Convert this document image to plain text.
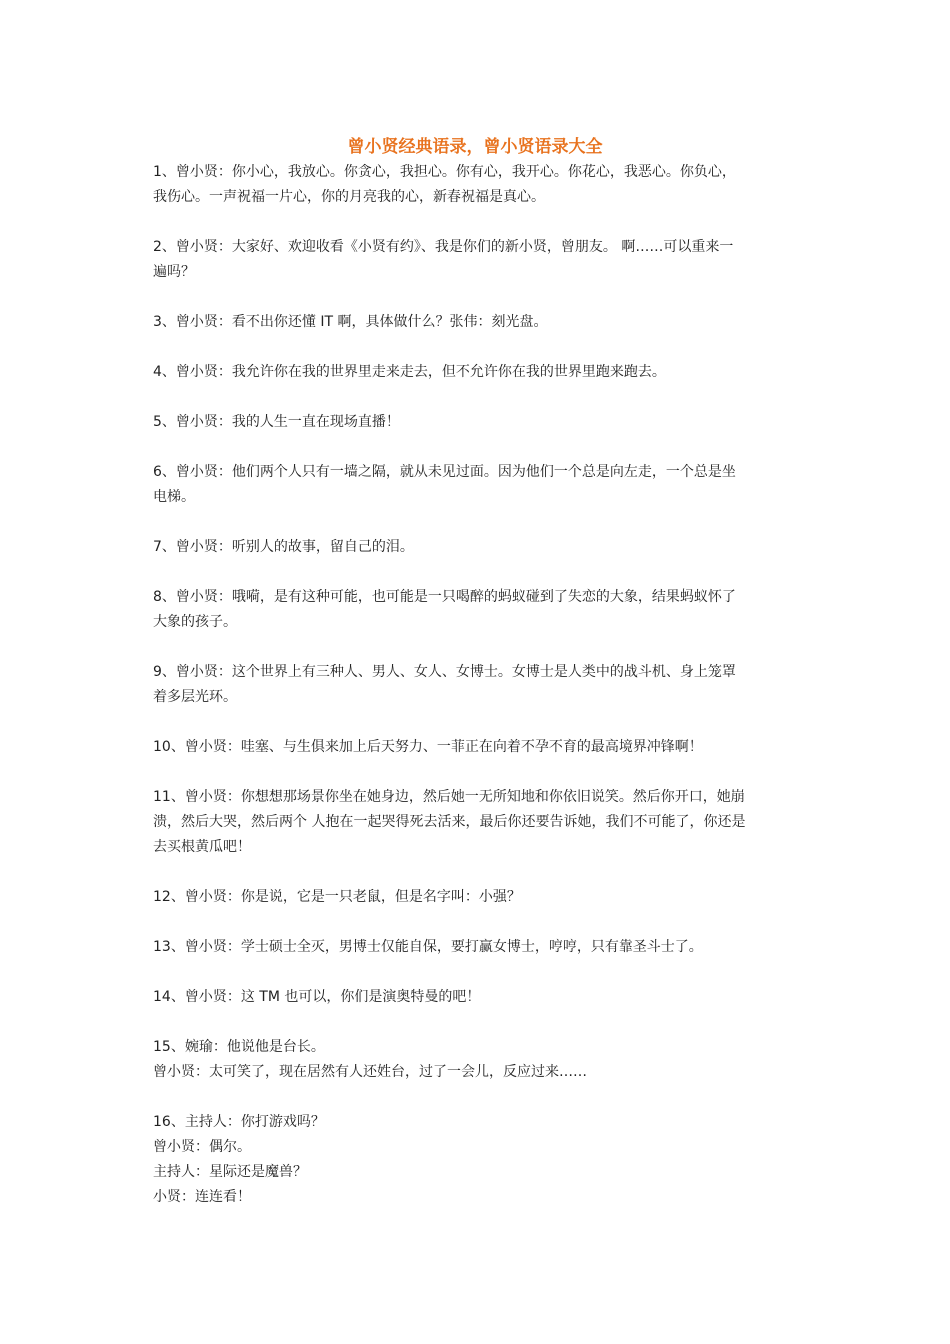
曾小贤经典语录，曾小贤语录大全

1、曾小贤：你小心，我放心。你贪心，我担心。你有心，我开心。你花心，我恶心。你负心，
我伤心。一声祝福一片心，你的月亮我的心，新春祝福是真心。

2、曾小贤：大家好、欢迎收看《小贤有约》、我是你们的新小贤，曾朋友。 啊……可以重来一
遍吗？

3、曾小贤：看不出你还懂 IT 啊，具体做什么？张伟：刻光盘。

4、曾小贤：我允许你在我的世界里走来走去，但不允许你在我的世界里跑来跑去。

5、曾小贤：我的人生一直在现场直播！

6、曾小贤：他们两个人只有一墙之隔，就从未见过面。因为他们一个总是向左走，一个总是坐
电梯。

7、曾小贤：听别人的故事，留自己的泪。

8、曾小贤：哦嗬，是有这种可能，也可能是一只喝醉的蚂蚁碰到了失恋的大象，结果蚂蚁怀了
大象的孩子。

9、曾小贤：这个世界上有三种人、男人、女人、女博士。女博士是人类中的战斗机、身上笼罩
着多层光环。

10、曾小贤：哇塞、与生俱来加上后天努力、一菲正在向着不孕不育的最高境界冲锋啊！

11、曾小贤：你想想那场景你坐在她身边，然后她一无所知地和你依旧说笑。然后你开口，她崩
溃，然后大哭，然后两个 人抱在一起哭得死去活来，最后你还要告诉她，我们不可能了，你还是
去买根黄瓜吧！

12、曾小贤：你是说，它是一只老鼠，但是名字叫：小强？

13、曾小贤：学士硕士全灭，男博士仅能自保，要打赢女博士，哼哼，只有靠圣斗士了。

14、曾小贤：这 TM 也可以，你们是演奥特曼的吧！

15、婉瑜：他说他是台长。
曾小贤：太可笑了，现在居然有人还姓台，过了一会儿，反应过来……

16、主持人：你打游戏吗？
曾小贤：偶尔。
主持人：星际还是魔兽？
小贤：连连看！
